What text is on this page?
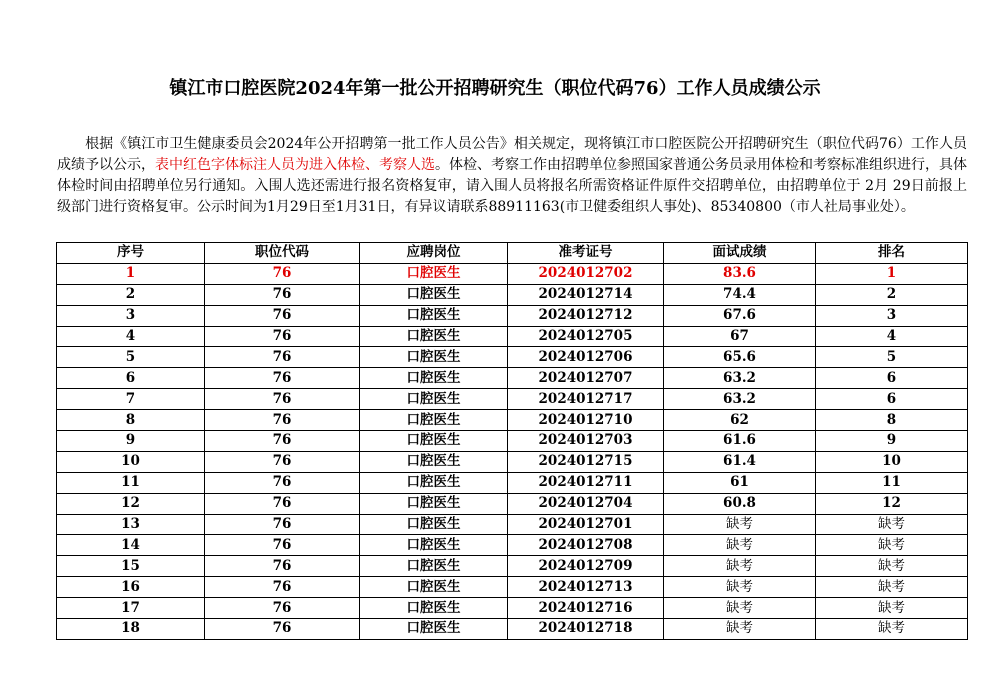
镇江市口腔医院2024年第一批公开招聘研究生（职位代码76）工作人员成绩公示
　　根据《镇江市卫生健康委员会2024年公开招聘第一批工作人员公告》相关规定，现将镇江市口腔医院公开招聘研究生（职位代码76）工作人员成绩予以公示，表中红色字体标注人员为进入体检、考察人选。体检、考察工作由招聘单位参照国家普通公务员录用体检和考察标准组织进行，具体体检时间由招聘单位另行通知。入围人选还需进行报名资格复审，请入围人员将报名所需资格证件原件交招聘单位，由招聘单位于 2月 29日前报上级部门进行资格复审。公示时间为1月29日至1月31日，有异议请联系88911163(市卫健委组织人事处)、85340800（市人社局事业处）。
序号	职位代码	应聘岗位	准考证号	面试成绩	排名
1	76	口腔医生	2024012702	83.6	1
2	76	口腔医生	2024012714	74.4	2
3	76	口腔医生	2024012712	67.6	3
4	76	口腔医生	2024012705	67	4
5	76	口腔医生	2024012706	65.6	5
6	76	口腔医生	2024012707	63.2	6
7	76	口腔医生	2024012717	63.2	6
8	76	口腔医生	2024012710	62	8
9	76	口腔医生	2024012703	61.6	9
10	76	口腔医生	2024012715	61.4	10
11	76	口腔医生	2024012711	61	11
12	76	口腔医生	2024012704	60.8	12
13	76	口腔医生	2024012701	缺考	缺考
14	76	口腔医生	2024012708	缺考	缺考
15	76	口腔医生	2024012709	缺考	缺考
16	76	口腔医生	2024012713	缺考	缺考
17	76	口腔医生	2024012716	缺考	缺考
18	76	口腔医生	2024012718	缺考	缺考
